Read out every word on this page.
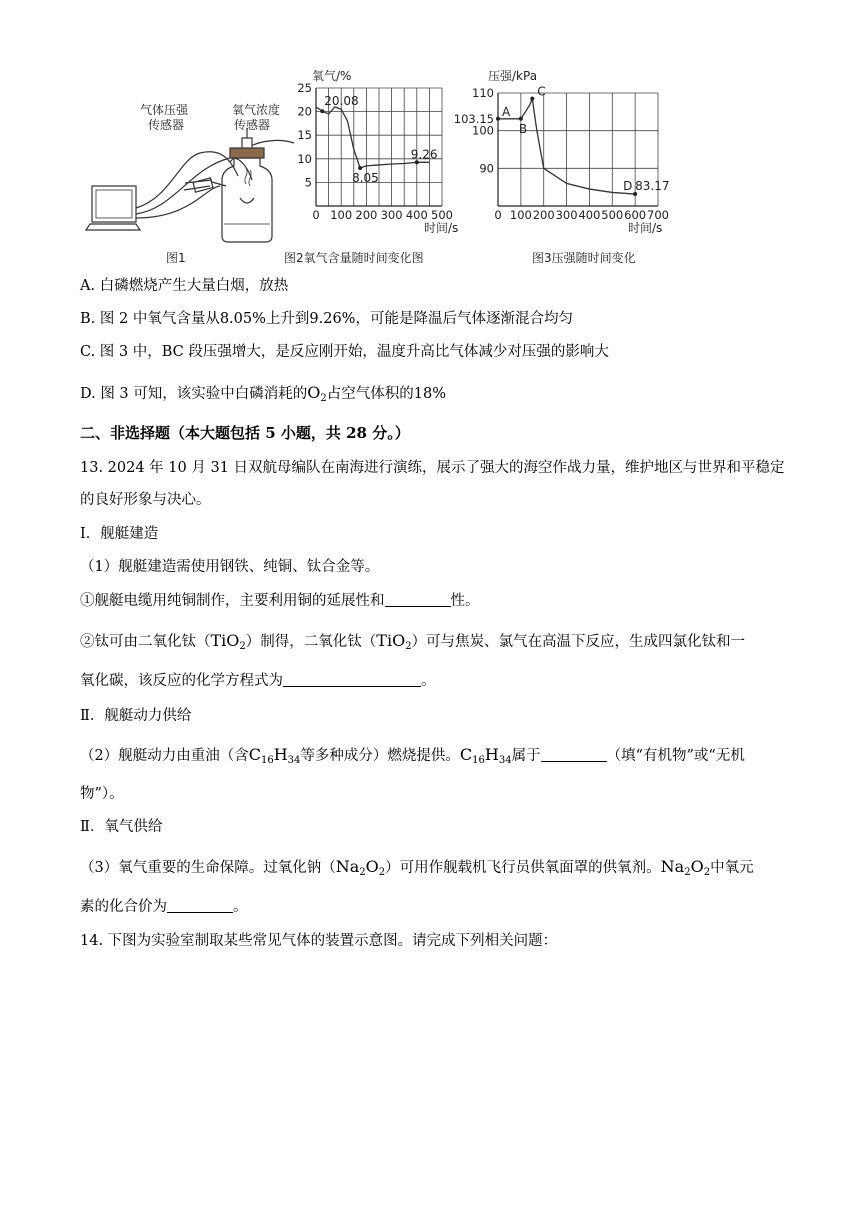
气体压强
传感器
氧气浓度
传感器
图1
0 100 200 300 400 500
5
10
15
20
25
20.08
8.05
9.26
氧气/%
时间/s
图2氧气含量随时间变化图
0 100 200 300 400 500 600 700
90
100
110
103.15 A
B
C
D 83.17
压强/kPa
时间/s
图3压强随时间变化
A. 白磷燃烧产生大量白烟，放热
B. 图 2 中氧气含量从8.05%上升到9.26%，可能是降温后气体逐渐混合均匀
C. 图 3 中，BC 段压强增大，是反应刚开始，温度升高比气体减少对压强的影响大
D. 图 3 可知，该实验中白磷消耗的$O_2$占空气体积的18%
二、非选择题（本大题包括 5 小题，共 28 分。）
13. 2024 年 10 月 31 日双航母编队在南海进行演练，展示了强大的海空作战力量，维护地区与世界和平稳定
的良好形象与决心。
I．舰艇建造
（1）舰艇建造需使用钢铁、纯铜、钛合金等。
①舰艇电缆用纯铜制作，主要利用铜的延展性和	性。
②钛可由二氧化钛（TiO$_2$）制得，二氧化钛（TiO$_2$）可与焦炭、氯气在高温下反应，生成四氯化钛和一
氧化碳，该反应的化学方程式为	。
Ⅱ．舰艇动力供给
（2）舰艇动力由重油（含$C_{16}H_{34}$等多种成分）燃烧提供。$C_{16}H_{34}$属于	（填“有机物”或“无机
物”）。
Ⅱ．氧气供给
（3）氧气重要的生命保障。过氧化钠$(Na_2O_2)$可用作舰载机飞行员供氧面罩的供氧剂。$Na_2O_2$中氧元
素的化合价为	。
14. 下图为实验室制取某些常见气体的装置示意图。请完成下列相关问题：
